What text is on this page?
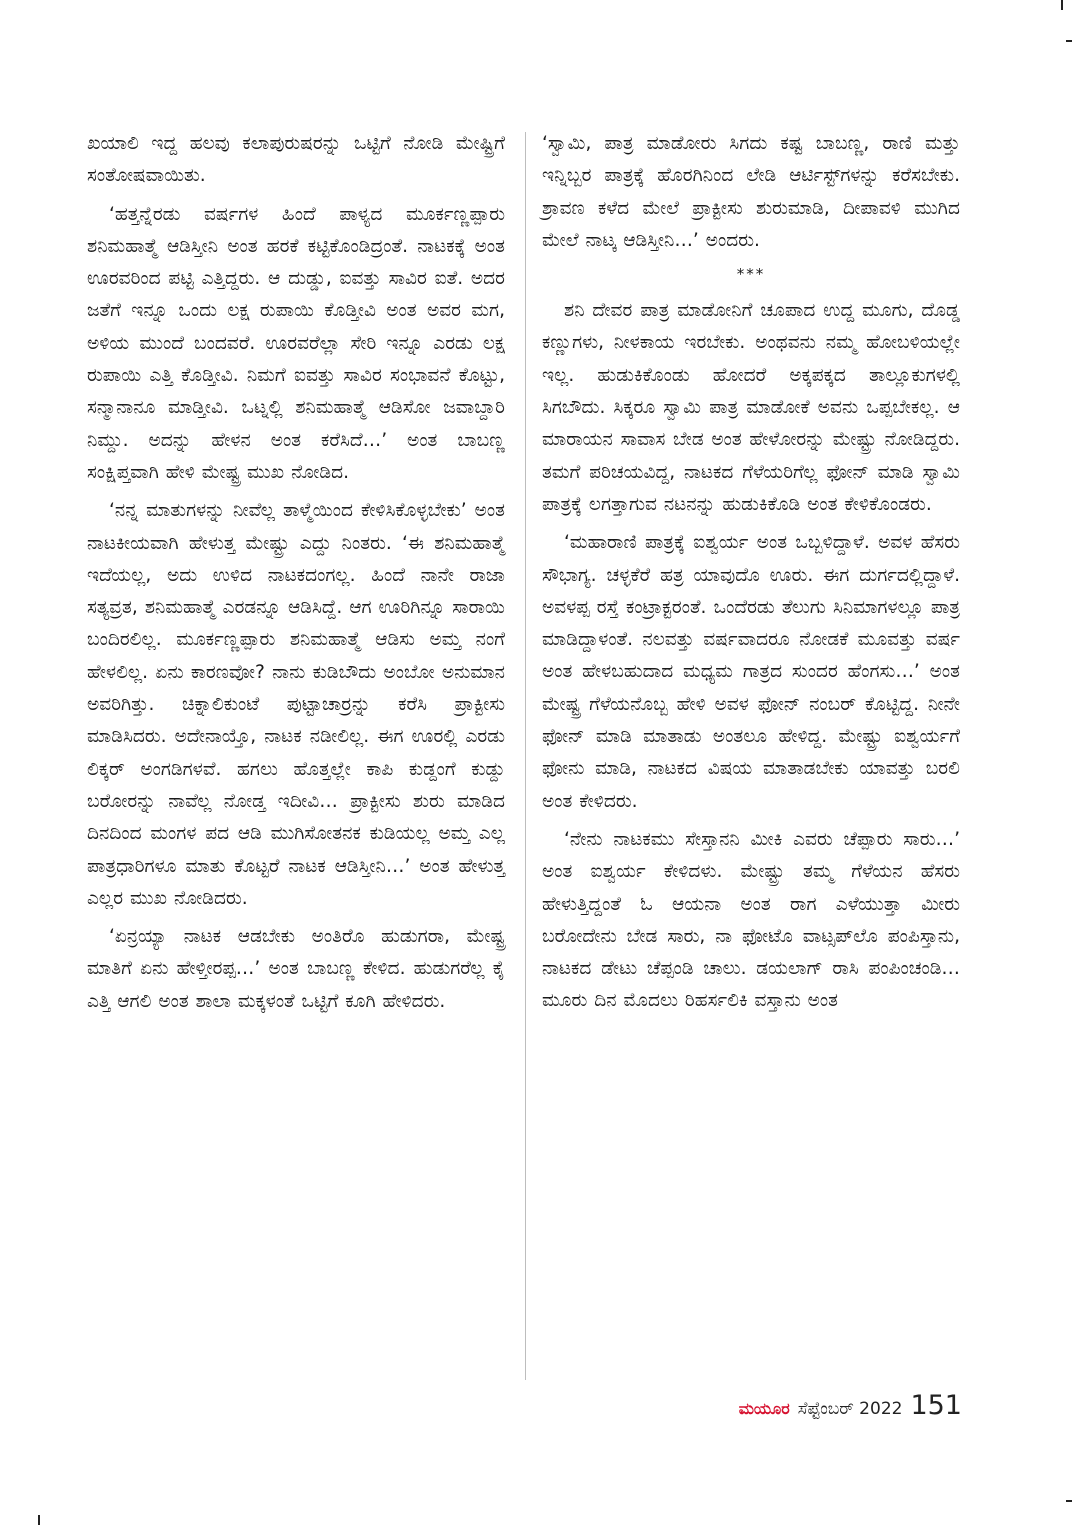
ಖಯಾಲಿ ಇದ್ದ ಹಲವು ಕಲಾಪುರುಷರನ್ನು ಒಟ್ಟಿಗೆ ನೋಡಿ ಮೇಷ್ಟ್ರಿಗೆ ಸಂತೋಷವಾಯಿತು.

‘ಹತ್ತನ್ನೆರಡು ವರ್ಷಗಳ ಹಿಂದೆ ಪಾಳ್ಯದ ಮೂರ್ಕಣ್ಣಪ್ಪಾರು ಶನಿಮಹಾತ್ಮೆ ಆಡಿಸ್ತೀನಿ ಅಂತ ಹರಕೆ ಕಟ್ಟಿಕೊಂಡಿದ್ರಂತೆ. ನಾಟಕಕ್ಕೆ ಅಂತ ಊರವರಿಂದ ಪಟ್ಟಿ ಎತ್ತಿದ್ದರು. ಆ ದುಡ್ಡು, ಐವತ್ತು ಸಾವಿರ ಐತೆ. ಅದರ ಜತೆಗೆ ಇನ್ನೂ ಒಂದು ಲಕ್ಷ ರುಪಾಯಿ ಕೊಡ್ತೀವಿ ಅಂತ ಅವರ ಮಗ, ಅಳಿಯ ಮುಂದೆ ಬಂದವರೆ. ಊರವರೆಲ್ಲಾ ಸೇರಿ ಇನ್ನೂ ಎರಡು ಲಕ್ಷ ರುಪಾಯಿ ಎತ್ತಿ ಕೊಡ್ತೀವಿ. ನಿಮಗೆ ಐವತ್ತು ಸಾವಿರ ಸಂಭಾವನೆ ಕೊಟ್ಟು, ಸನ್ಮಾನಾನೂ ಮಾಡ್ತೀವಿ. ಒಟ್ನಲ್ಲಿ ಶನಿಮಹಾತ್ಮೆ ಆಡಿಸೋ ಜವಾಬ್ದಾರಿ ನಿಮ್ದು. ಅದನ್ನು ಹೇಳನ ಅಂತ ಕರೆಸಿದೆ…’ ಅಂತ ಬಾಬಣ್ಣ ಸಂಕ್ಷಿಪ್ತವಾಗಿ ಹೇಳಿ ಮೇಷ್ಟ್ರ ಮುಖ ನೋಡಿದ.

‘ನನ್ನ ಮಾತುಗಳನ್ನು ನೀವೆಲ್ಲ ತಾಳ್ಮೆಯಿಂದ ಕೇಳಿಸಿಕೊಳ್ಳಬೇಕು’ ಅಂತ ನಾಟಕೀಯವಾಗಿ ಹೇಳುತ್ತ ಮೇಷ್ಟ್ರು ಎದ್ದು ನಿಂತರು. ‘ಈ ಶನಿಮಹಾತ್ಮೆ ಇದೆಯಲ್ಲ, ಅದು ಉಳಿದ ನಾಟಕದಂಗಲ್ಲ. ಹಿಂದೆ ನಾನೇ ರಾಜಾ ಸತ್ಯವ್ರತ, ಶನಿಮಹಾತ್ಮೆ ಎರಡನ್ನೂ ಆಡಿಸಿದ್ದೆ. ಆಗ ಊರಿಗಿನ್ನೂ ಸಾರಾಯಿ ಬಂದಿರಲಿಲ್ಲ. ಮೂರ್ಕಣ್ಣಪ್ಪಾರು ಶನಿಮಹಾತ್ಮೆ ಆಡಿಸು ಅಮ್ತ ನಂಗೆ ಹೇಳಲಿಲ್ಲ. ಏನು ಕಾರಣವೋ? ನಾನು ಕುಡಿಬೌದು ಅಂಬೋ ಅನುಮಾನ ಅವರಿಗಿತ್ತು. ಚಿಕ್ನಾಲಿಕುಂಟೆ ಪುಟ್ಟಾಚಾರ್ರನ್ನು ಕರೆಸಿ ಪ್ರಾಕ್ಟೀಸು ಮಾಡಿಸಿದರು. ಅದೇನಾಯ್ತೊ, ನಾಟಕ ನಡೀಲಿಲ್ಲ. ಈಗ ಊರಲ್ಲಿ ಎರಡು ಲಿಕ್ಕರ್ ಅಂಗಡಿಗಳವೆ. ಹಗಲು ಹೊತ್ತಲ್ಲೇ ಕಾಪಿ ಕುಡ್ದಂಗೆ ಕುಡ್ದು ಬರೋರನ್ನು ನಾವೆಲ್ಲ ನೋಡ್ತ ಇದೀವಿ… ಪ್ರಾಕ್ಟೀಸು ಶುರು ಮಾಡಿದ ದಿನದಿಂದ ಮಂಗಳ ಪದ ಆಡಿ ಮುಗಿಸೋತನಕ ಕುಡಿಯಲ್ಲ ಅಮ್ತ ಎಲ್ಲ ಪಾತ್ರಧಾರಿಗಳೂ ಮಾತು ಕೊಟ್ಟರೆ ನಾಟಕ ಆಡಿಸ್ತೀನಿ…’ ಅಂತ ಹೇಳುತ್ತ ಎಲ್ಲರ ಮುಖ ನೋಡಿದರು.

‘ಏನ್ರಯ್ಯಾ ನಾಟಕ ಆಡಬೇಕು ಅಂತಿರೊ ಹುಡುಗರಾ, ಮೇಷ್ಟ್ರ ಮಾತಿಗೆ ಏನು ಹೇಳ್ತೀರಪ್ಪ…’ ಅಂತ ಬಾಬಣ್ಣ ಕೇಳಿದ. ಹುಡುಗರೆಲ್ಲ ಕೈ ಎತ್ತಿ ಆಗಲಿ ಅಂತ ಶಾಲಾ ಮಕ್ಕಳಂತೆ ಒಟ್ಟಿಗೆ ಕೂಗಿ ಹೇಳಿದರು.

‘ಸ್ವಾಮಿ, ಪಾತ್ರ ಮಾಡೋರು ಸಿಗದು ಕಷ್ಟ ಬಾಬಣ್ಣ, ರಾಣಿ ಮತ್ತು ಇನ್ನಿಬ್ಬರ ಪಾತ್ರಕ್ಕೆ ಹೊರಗಿನಿಂದ ಲೇಡಿ ಆರ್ಟಿಸ್ಟ್‌ಗಳನ್ನು ಕರೆಸಬೇಕು. ಶ್ರಾವಣ ಕಳೆದ ಮೇಲೆ ಪ್ರಾಕ್ಟೀಸು ಶುರುಮಾಡಿ, ದೀಪಾವಳಿ ಮುಗಿದ ಮೇಲೆ ನಾಟ್ಕ ಆಡಿಸ್ತೀನಿ…’ ಅಂದರು.

***

ಶನಿ ದೇವರ ಪಾತ್ರ ಮಾಡೋನಿಗೆ ಚೂಪಾದ ಉದ್ದ ಮೂಗು, ದೊಡ್ಡ ಕಣ್ಣುಗಳು, ನೀಳಕಾಯ ಇರಬೇಕು. ಅಂಥವನು ನಮ್ಮ ಹೋಬಳಿಯಲ್ಲೇ ಇಲ್ಲ. ಹುಡುಕಿಕೊಂಡು ಹೋದರೆ ಅಕ್ಕಪಕ್ಕದ ತಾಲ್ಲೂಕುಗಳಲ್ಲಿ ಸಿಗಬೌದು. ಸಿಕ್ಕರೂ ಸ್ವಾಮಿ ಪಾತ್ರ ಮಾಡೋಕೆ ಅವನು ಒಪ್ಪಬೇಕಲ್ಲ. ಆ ಮಾರಾಯನ ಸಾವಾಸ ಬೇಡ ಅಂತ ಹೇಳೋರನ್ನು ಮೇಷ್ಟ್ರು ನೋಡಿದ್ದರು. ತಮಗೆ ಪರಿಚಯವಿದ್ದ, ನಾಟಕದ ಗೆಳೆಯರಿಗೆಲ್ಲ ಫೋನ್ ಮಾಡಿ ಸ್ವಾಮಿ ಪಾತ್ರಕ್ಕೆ ಲಗತ್ತಾಗುವ ನಟನನ್ನು ಹುಡುಕಿಕೊಡಿ ಅಂತ ಕೇಳಿಕೊಂಡರು.

‘ಮಹಾರಾಣಿ ಪಾತ್ರಕ್ಕೆ ಐಶ್ವರ್ಯ ಅಂತ ಒಬ್ಬಳಿದ್ದಾಳೆ. ಅವಳ ಹೆಸರು ಸೌಭಾಗ್ಯ. ಚಳ್ಳಕೆರೆ ಹತ್ರ ಯಾವುದೊ ಊರು. ಈಗ ದುರ್ಗದಲ್ಲಿದ್ದಾಳೆ. ಅವಳಪ್ಪ ರಸ್ತೆ ಕಂಟ್ರಾಕ್ಟರಂತೆ. ಒಂದೆರಡು ತೆಲುಗು ಸಿನಿಮಾಗಳಲ್ಲೂ ಪಾತ್ರ ಮಾಡಿದ್ದಾಳಂತೆ. ನಲವತ್ತು ವರ್ಷವಾದರೂ ನೋಡಕೆ ಮೂವತ್ತು ವರ್ಷ ಅಂತ ಹೇಳಬಹುದಾದ ಮಧ್ಯಮ ಗಾತ್ರದ ಸುಂದರ ಹೆಂಗಸು…’ ಅಂತ ಮೇಷ್ಟ್ರ ಗೆಳೆಯನೊಬ್ಬ ಹೇಳಿ ಅವಳ ಫೋನ್ ನಂಬರ್ ಕೊಟ್ಟಿದ್ದ. ನೀನೇ ಫೋನ್ ಮಾಡಿ ಮಾತಾಡು ಅಂತಲೂ ಹೇಳಿದ್ದ. ಮೇಷ್ಟ್ರು ಐಶ್ವರ್ಯಗೆ ಫೋನು ಮಾಡಿ, ನಾಟಕದ ವಿಷಯ ಮಾತಾಡಬೇಕು ಯಾವತ್ತು ಬರಲಿ ಅಂತ ಕೇಳಿದರು.

‘ನೇನು ನಾಟಕಮು ಸೇಸ್ತಾನನಿ ಮೀಕಿ ಎವರು ಚೆಪ್ಪಾರು ಸಾರು…’ ಅಂತ ಐಶ್ವರ್ಯ ಕೇಳಿದಳು. ಮೇಷ್ಟ್ರು ತಮ್ಮ ಗೆಳೆಯನ ಹೆಸರು ಹೇಳುತ್ತಿದ್ದಂತೆ ಓ ಆಯನಾ ಅಂತ ರಾಗ ಎಳೆಯುತ್ತಾ ಮೀರು ಬರೋದೇನು ಬೇಡ ಸಾರು, ನಾ ಫೋಟೊ ವಾಟ್ಸಪ್‌ಲೊ ಪಂಪಿಸ್ತಾನು, ನಾಟಕದ ಡೇಟು ಚೆಪ್ಪಂಡಿ ಚಾಲು. ಡಯಲಾಗ್ ರಾಸಿ ಪಂಪಿಂಚಂಡಿ… ಮೂರು ದಿನ ಮೊದಲು ರಿಹರ್ಸಲಿಕಿ ವಸ್ತಾನು ಅಂತ

ಮಯೂರ ಸೆಪ್ಟೆಂಬರ್ 2022 151
